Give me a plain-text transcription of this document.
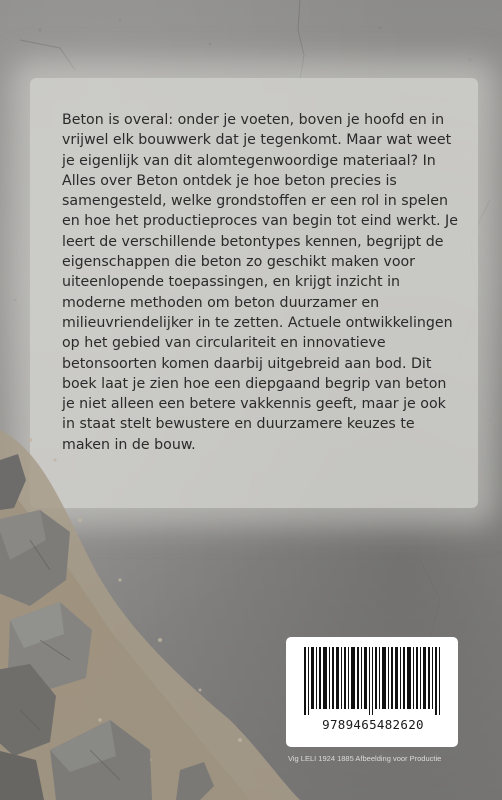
Beton is overal: onder je voeten, boven je hoofd en in vrijwel elk bouwwerk dat je tegenkomt. Maar wat weet je eigenlijk van dit alomtegenwoordige materiaal? In Alles over Beton ontdek je hoe beton precies is samengesteld, welke grondstoffen er een rol in spelen en hoe het productieproces van begin tot eind werkt. Je leert de verschillende betontypes kennen, begrijpt de eigenschappen die beton zo geschikt maken voor uiteenlopende toepassingen, en krijgt inzicht in moderne methoden om beton duurzamer en milieuvriendelijker in te zetten. Actuele ontwikkelingen op het gebied van circulariteit en innovatieve betonsoorten komen daarbij uitgebreid aan bod. Dit boek laat je zien hoe een diepgaand begrip van beton je niet alleen een betere vakkennis geeft, maar je ook in staat stelt bewustere en duurzamere keuzes te maken in de bouw.

9789465482620
Vig LELI 1924 1885 Afbeelding voor Productie
